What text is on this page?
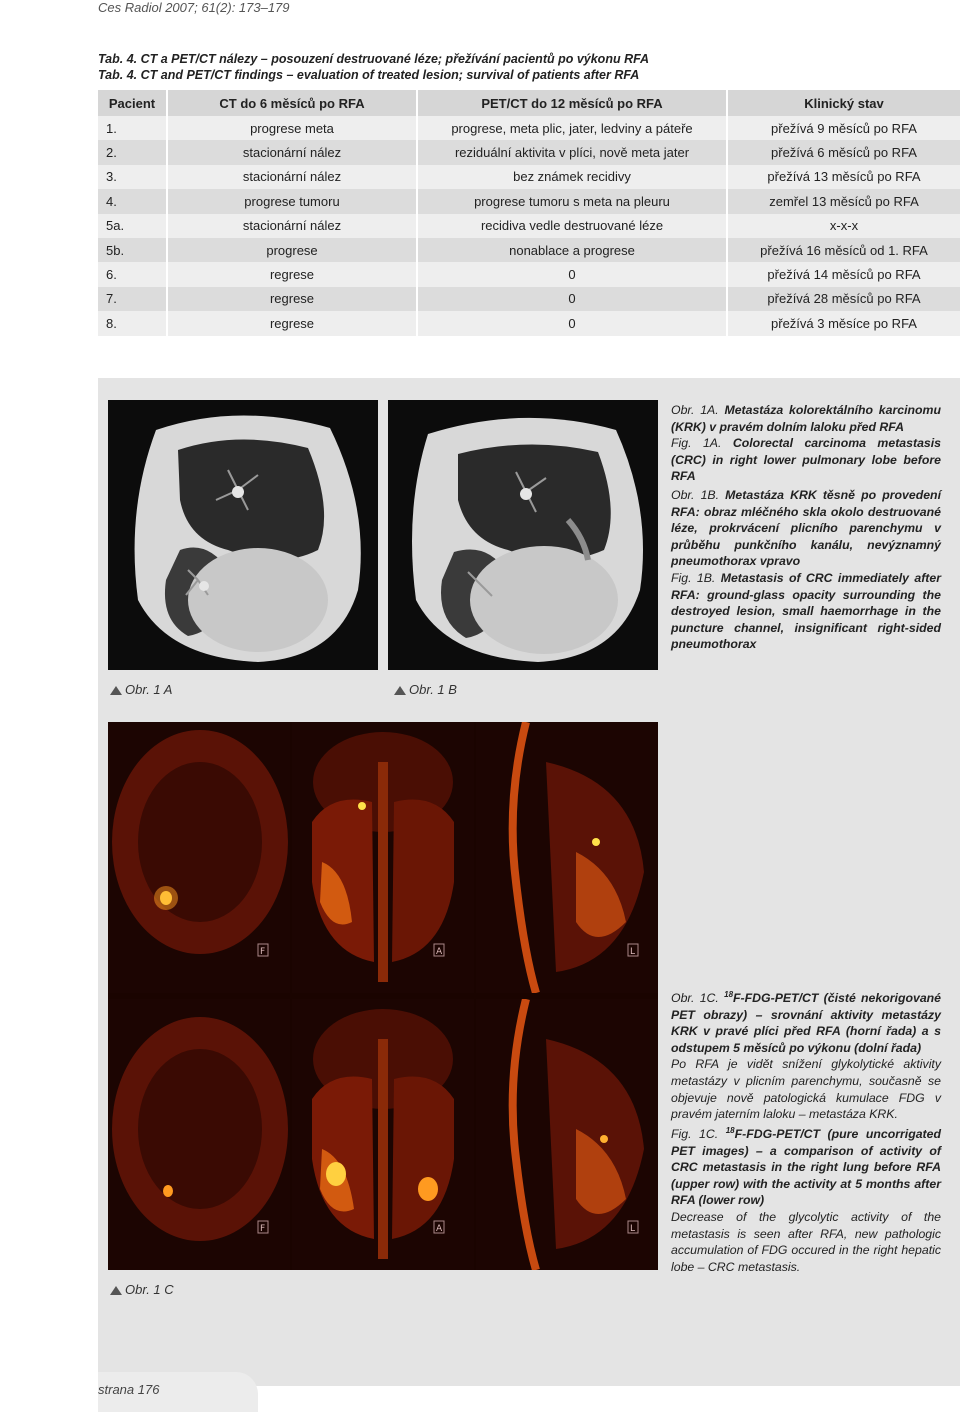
Ces Radiol 2007; 61(2): 173–179
Tab. 4. CT a PET/CT nálezy – posouzení destruované léze; přežívání pacientů po výkonu RFA
Tab. 4. CT and PET/CT findings – evaluation of treated lesion; survival of patients after RFA
Pacient	CT do 6 měsíců po RFA	PET/CT do 12 měsíců po RFA	Klinický stav
1.	progrese meta	progrese, meta plic, jater, ledviny a páteře	přežívá 9 měsíců po RFA
2.	stacionární nález	reziduální aktivita v plíci, nově meta jater	přežívá 6 měsíců po RFA
3.	stacionární nález	bez známek recidivy	přežívá 13 měsíců po RFA
4.	progrese tumoru	progrese tumoru s meta na pleuru	zemřel 13 měsíců po RFA
5a.	stacionární nález	recidiva vedle destruované léze	x-x-x
5b.	progrese	nonablace a progrese	přežívá 16 měsíců od 1. RFA
6.	regrese	0	přežívá 14 měsíců po RFA
7.	regrese	0	přežívá 28 měsíců po RFA
8.	regrese	0	přežívá 3 měsíce po RFA
Obr. 1 A	Obr. 1 B
F	A	L
F	A	L
Obr. 1 C

Obr. 1A. Metastáza kolorektálního karcinomu (KRK) v pravém dolním laloku před RFA
Fig. 1A. Colorectal carcinoma metastasis (CRC) in right lower pulmonary lobe before RFA

Obr. 1B. Metastáza KRK těsně po provedení RFA: obraz mléčného skla okolo destruované léze, prokrvácení plicního parenchymu v průběhu punkčního kanálu, nevýznamný pneumothorax vpravo
Fig. 1B. Metastasis of CRC immediately after RFA: ground-glass opacity surrounding the destroyed lesion, small haemorrhage in the puncture channel, insignificant right-sided pneumothorax

Obr. 1C. $^{18}$F-FDG-PET/CT (čisté nekorigované PET obrazy) – srovnání aktivity metastázy KRK v pravé plíci před RFA (horní řada) a s odstupem 5 měsíců po výkonu (dolní řada)
Po RFA je vidět snížení glykolytické aktivity metastázy v plicním parenchymu, současně se objevuje nově patologická kumulace FDG v pravém jaterním laloku – metastáza KRK.
Fig. 1C. $^{18}$F-FDG-PET/CT (pure uncorrigated PET images) – a comparison of activity of CRC metastasis in the right lung before RFA (upper row) with the activity at 5 months after RFA (lower row)
Decrease of the glycolytic activity of the metastasis is seen after RFA, new pathologic accumulation of FDG occured in the right hepatic lobe – CRC metastasis.

strana 176
